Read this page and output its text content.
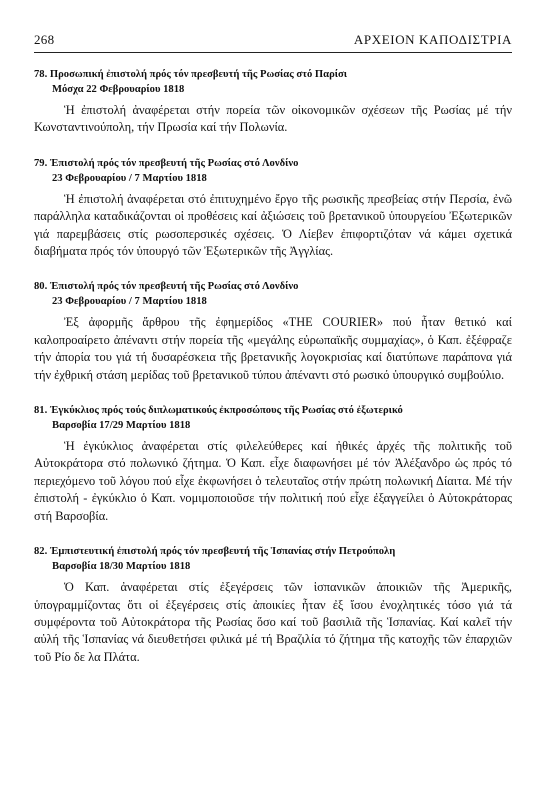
268	ΑΡΧΕΙΟΝ ΚΑΠΟΔΙΣΤΡΙΑ
78. Προσωπική ἐπιστολή πρός τόν πρεσβευτή τῆς Ρωσίας στό Παρίσι
Μόσχα 22 Φεβρουαρίου 1818
Ἡ ἐπιστολή ἀναφέρεται στήν πορεία τῶν οἰκονομικῶν σχέσεων τῆς Ρωσίας μέ τήν Κωνσταντινούπολη, τήν Πρωσία καί τήν Πολωνία.
79. Ἐπιστολή πρός τόν πρεσβευτή τῆς Ρωσίας στό Λονδίνο
23 Φεβρουαρίου / 7 Μαρτίου 1818
Ἡ ἐπιστολή ἀναφέρεται στό ἐπιτυχημένο ἔργο τῆς ρωσικῆς πρεσβείας στήν Περσία, ἐνῶ παράλληλα καταδικάζονται οἱ προθέσεις καί ἀξιώσεις τοῦ βρετανικοῦ ὑπουργείου Ἐξωτερικῶν γιά παρεμβάσεις στίς ρωσοπερσικές σχέσεις. Ὁ Λίεβεν ἐπιφορτιζόταν νά κάμει σχετικά διαβήματα πρός τόν ὑπουργό τῶν Ἐξωτερικῶν τῆς Ἀγγλίας.
80. Ἐπιστολή πρός τόν πρεσβευτή τῆς Ρωσίας στό Λονδίνο
23 Φεβρουαρίου / 7 Μαρτίου 1818
Ἐξ ἀφορμῆς ἄρθρου τῆς ἐφημερίδος «THE COURIER» πού ἦταν θετικό καί καλοπροαίρετο ἀπέναντι στήν πορεία τῆς «μεγάλης εὐρωπαϊκῆς συμμαχίας», ὁ Καπ. ἐξέφραζε τήν ἀπορία του γιά τή δυσαρέσκεια τῆς βρετανικῆς λογοκρισίας καί διατύπωνε παράπονα γιά τήν ἐχθρική στάση μερίδας τοῦ βρετανικοῦ τύπου ἀπέναντι στό ρωσικό ὑπουργικό συμβούλιο.
81. Ἐγκύκλιος πρός τούς διπλωματικούς ἐκπροσώπους τῆς Ρωσίας στό ἐξωτερικό
Βαρσοβία 17/29 Μαρτίου 1818
Ἡ ἐγκύκλιος ἀναφέρεται στίς φιλελεύθερες καί ἠθικές ἀρχές τῆς πολιτικῆς τοῦ Αὐτοκράτορα στό πολωνικό ζήτημα. Ὁ Καπ. εἶχε διαφωνήσει μέ τόν Ἀλέξανδρο ὡς πρός τό περιεχόμενο τοῦ λόγου πού εἶχε ἐκφωνήσει ὁ τελευταῖος στήν πρώτη πολωνική Δίαιτα. Μέ τήν ἐπιστολή - ἐγκύκλιο ὁ Καπ. νομιμοποιοῦσε τήν πολιτική πού εἶχε ἐξαγγείλει ὁ Αὐτοκράτορας στή Βαρσοβία.
82. Ἐμπιστευτική ἐπιστολή πρός τόν πρεσβευτή τῆς Ἱσπανίας στήν Πετρούπολη
Βαρσοβία 18/30 Μαρτίου 1818
Ὁ Καπ. ἀναφέρεται στίς ἐξεγέρσεις τῶν ἱσπανικῶν ἀποικιῶν τῆς Ἀμερικῆς, ὑπογραμμίζοντας ὅτι οἱ ἐξεγέρσεις στίς ἀποικίες ἦταν ἐξ ἴσου ἐνοχλητικές τόσο γιά τά συμφέροντα τοῦ Αὐτοκράτορα τῆς Ρωσίας ὅσο καί τοῦ βασιλιᾶ τῆς Ἱσπανίας. Καί καλεῖ τήν αὐλή τῆς Ἱσπανίας νά διευθετήσει φιλικά μέ τή Βραζιλία τό ζήτημα τῆς κατοχῆς τῶν ἐπαρχιῶν τοῦ Ρίο δε λα Πλάτα.
